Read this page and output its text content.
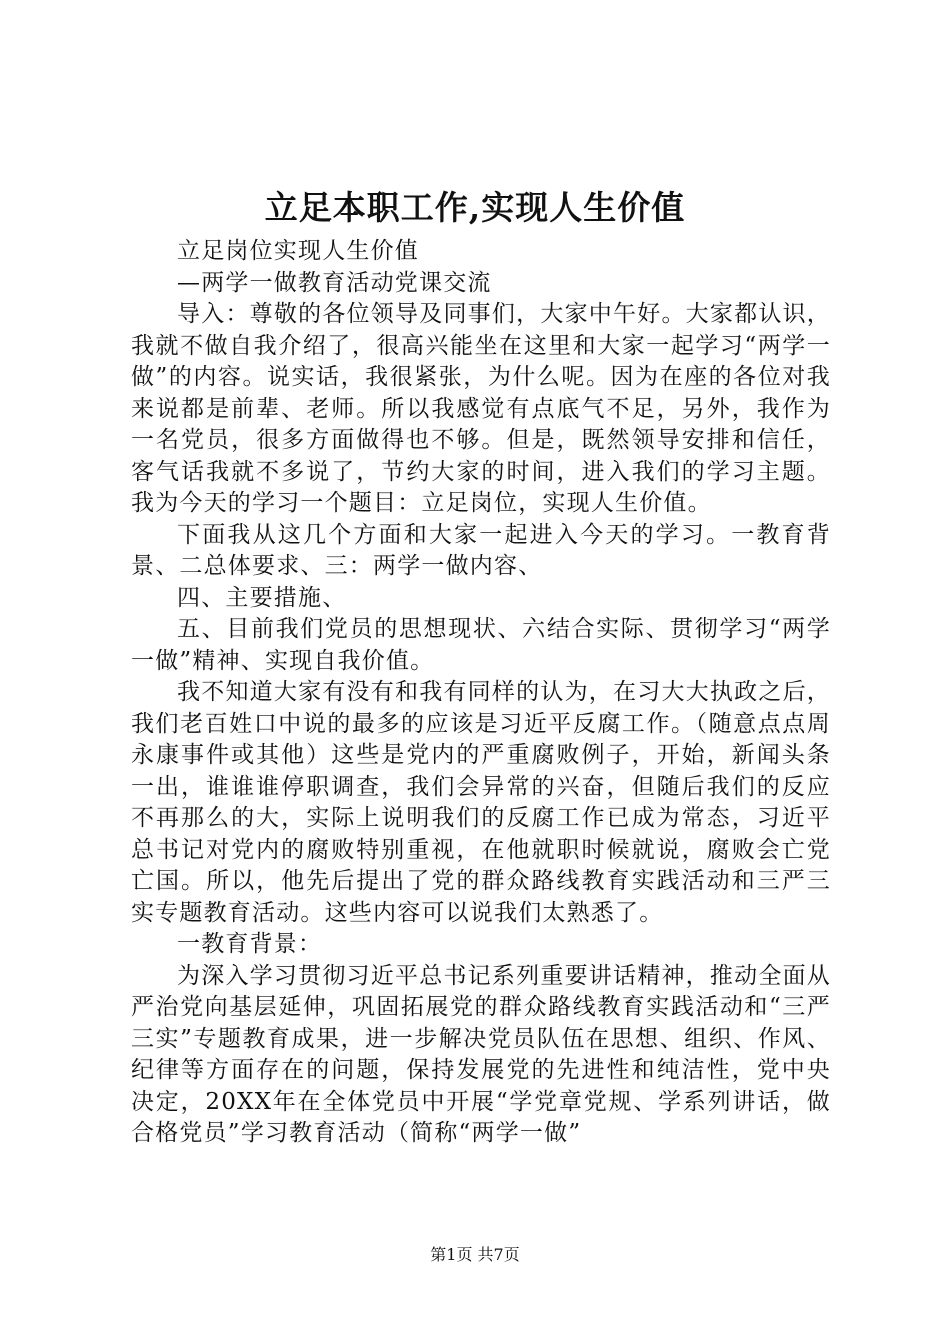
立足本职工作,实现人生价值

立足岗位实现人生价值

—两学一做教育活动党课交流

导入：尊敬的各位领导及同事们，大家中午好。大家都认识，我就不做自我介绍了，很高兴能坐在这里和大家一起学习“两学一做”的内容。说实话，我很紧张，为什么呢。因为在座的各位对我来说都是前辈、老师。所以我感觉有点底气不足，另外，我作为一名党员，很多方面做得也不够。但是，既然领导安排和信任，客气话我就不多说了，节约大家的时间，进入我们的学习主题。我为今天的学习一个题目：立足岗位，实现人生价值。

下面我从这几个方面和大家一起进入今天的学习。一教育背景、二总体要求、三：两学一做内容、

四、主要措施、

五、目前我们党员的思想现状、六结合实际、贯彻学习“两学一做”精神、实现自我价值。

我不知道大家有没有和我有同样的认为，在习大大执政之后，我们老百姓口中说的最多的应该是习近平反腐工作。（随意点点周永康事件或其他）这些是党内的严重腐败例子，开始，新闻头条一出，谁谁谁停职调查，我们会异常的兴奋，但随后我们的反应不再那么的大，实际上说明我们的反腐工作已成为常态，习近平总书记对党内的腐败特别重视，在他就职时候就说，腐败会亡党亡国。所以，他先后提出了党的群众路线教育实践活动和三严三实专题教育活动。这些内容可以说我们太熟悉了。

一教育背景：

为深入学习贯彻习近平总书记系列重要讲话精神，推动全面从严治党向基层延伸，巩固拓展党的群众路线教育实践活动和“三严三实”专题教育成果，进一步解决党员队伍在思想、组织、作风、纪律等方面存在的问题，保持发展党的先进性和纯洁性，党中央决定，20XX年在全体党员中开展“学党章党规、学系列讲话，做合格党员”学习教育活动（简称“两学一做”

第1页 共7页
